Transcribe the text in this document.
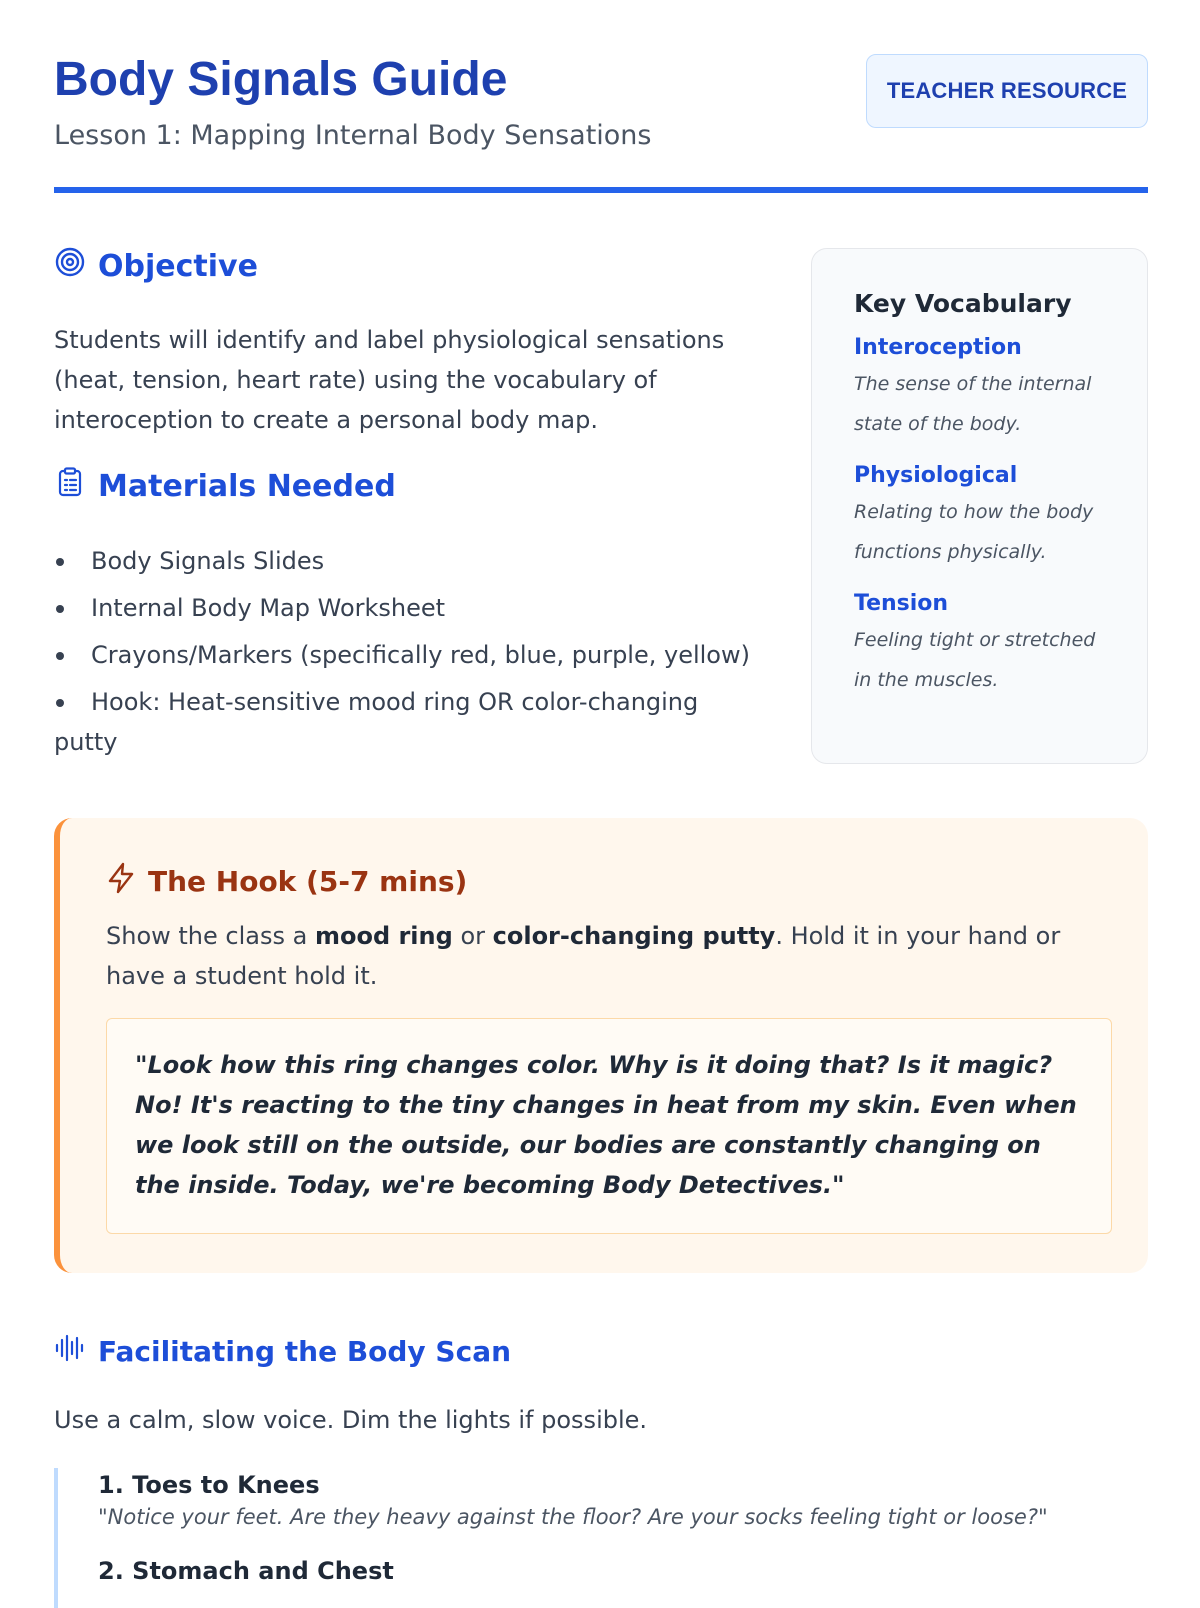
Body Signals Guide
Lesson 1: Mapping Internal Body Sensations
TEACHER RESOURCE
Objective
Students will identify and label physiological sensations (heat, tension, heart rate) using the vocabulary of interoception to create a personal body map.
Materials Needed
Body Signals Slides
Internal Body Map Worksheet
Crayons/Markers (specifically red, blue, purple, yellow)
Hook: Heat-sensitive mood ring OR color-changing putty
Key Vocabulary
Interoception
The sense of the internal state of the body.
Physiological
Relating to how the body functions physically.
Tension
Feeling tight or stretched in the muscles.
The Hook (5-7 mins)
Show the class a mood ring or color-changing putty. Hold it in your hand or have a student hold it.
"Look how this ring changes color. Why is it doing that? Is it magic? No! It's reacting to the tiny changes in heat from my skin. Even when we look still on the outside, our bodies are constantly changing on the inside. Today, we're becoming Body Detectives."
Facilitating the Body Scan
Use a calm, slow voice. Dim the lights if possible.
1. Toes to Knees
"Notice your feet. Are they heavy against the floor? Are your socks feeling tight or loose?"
2. Stomach and Chest
